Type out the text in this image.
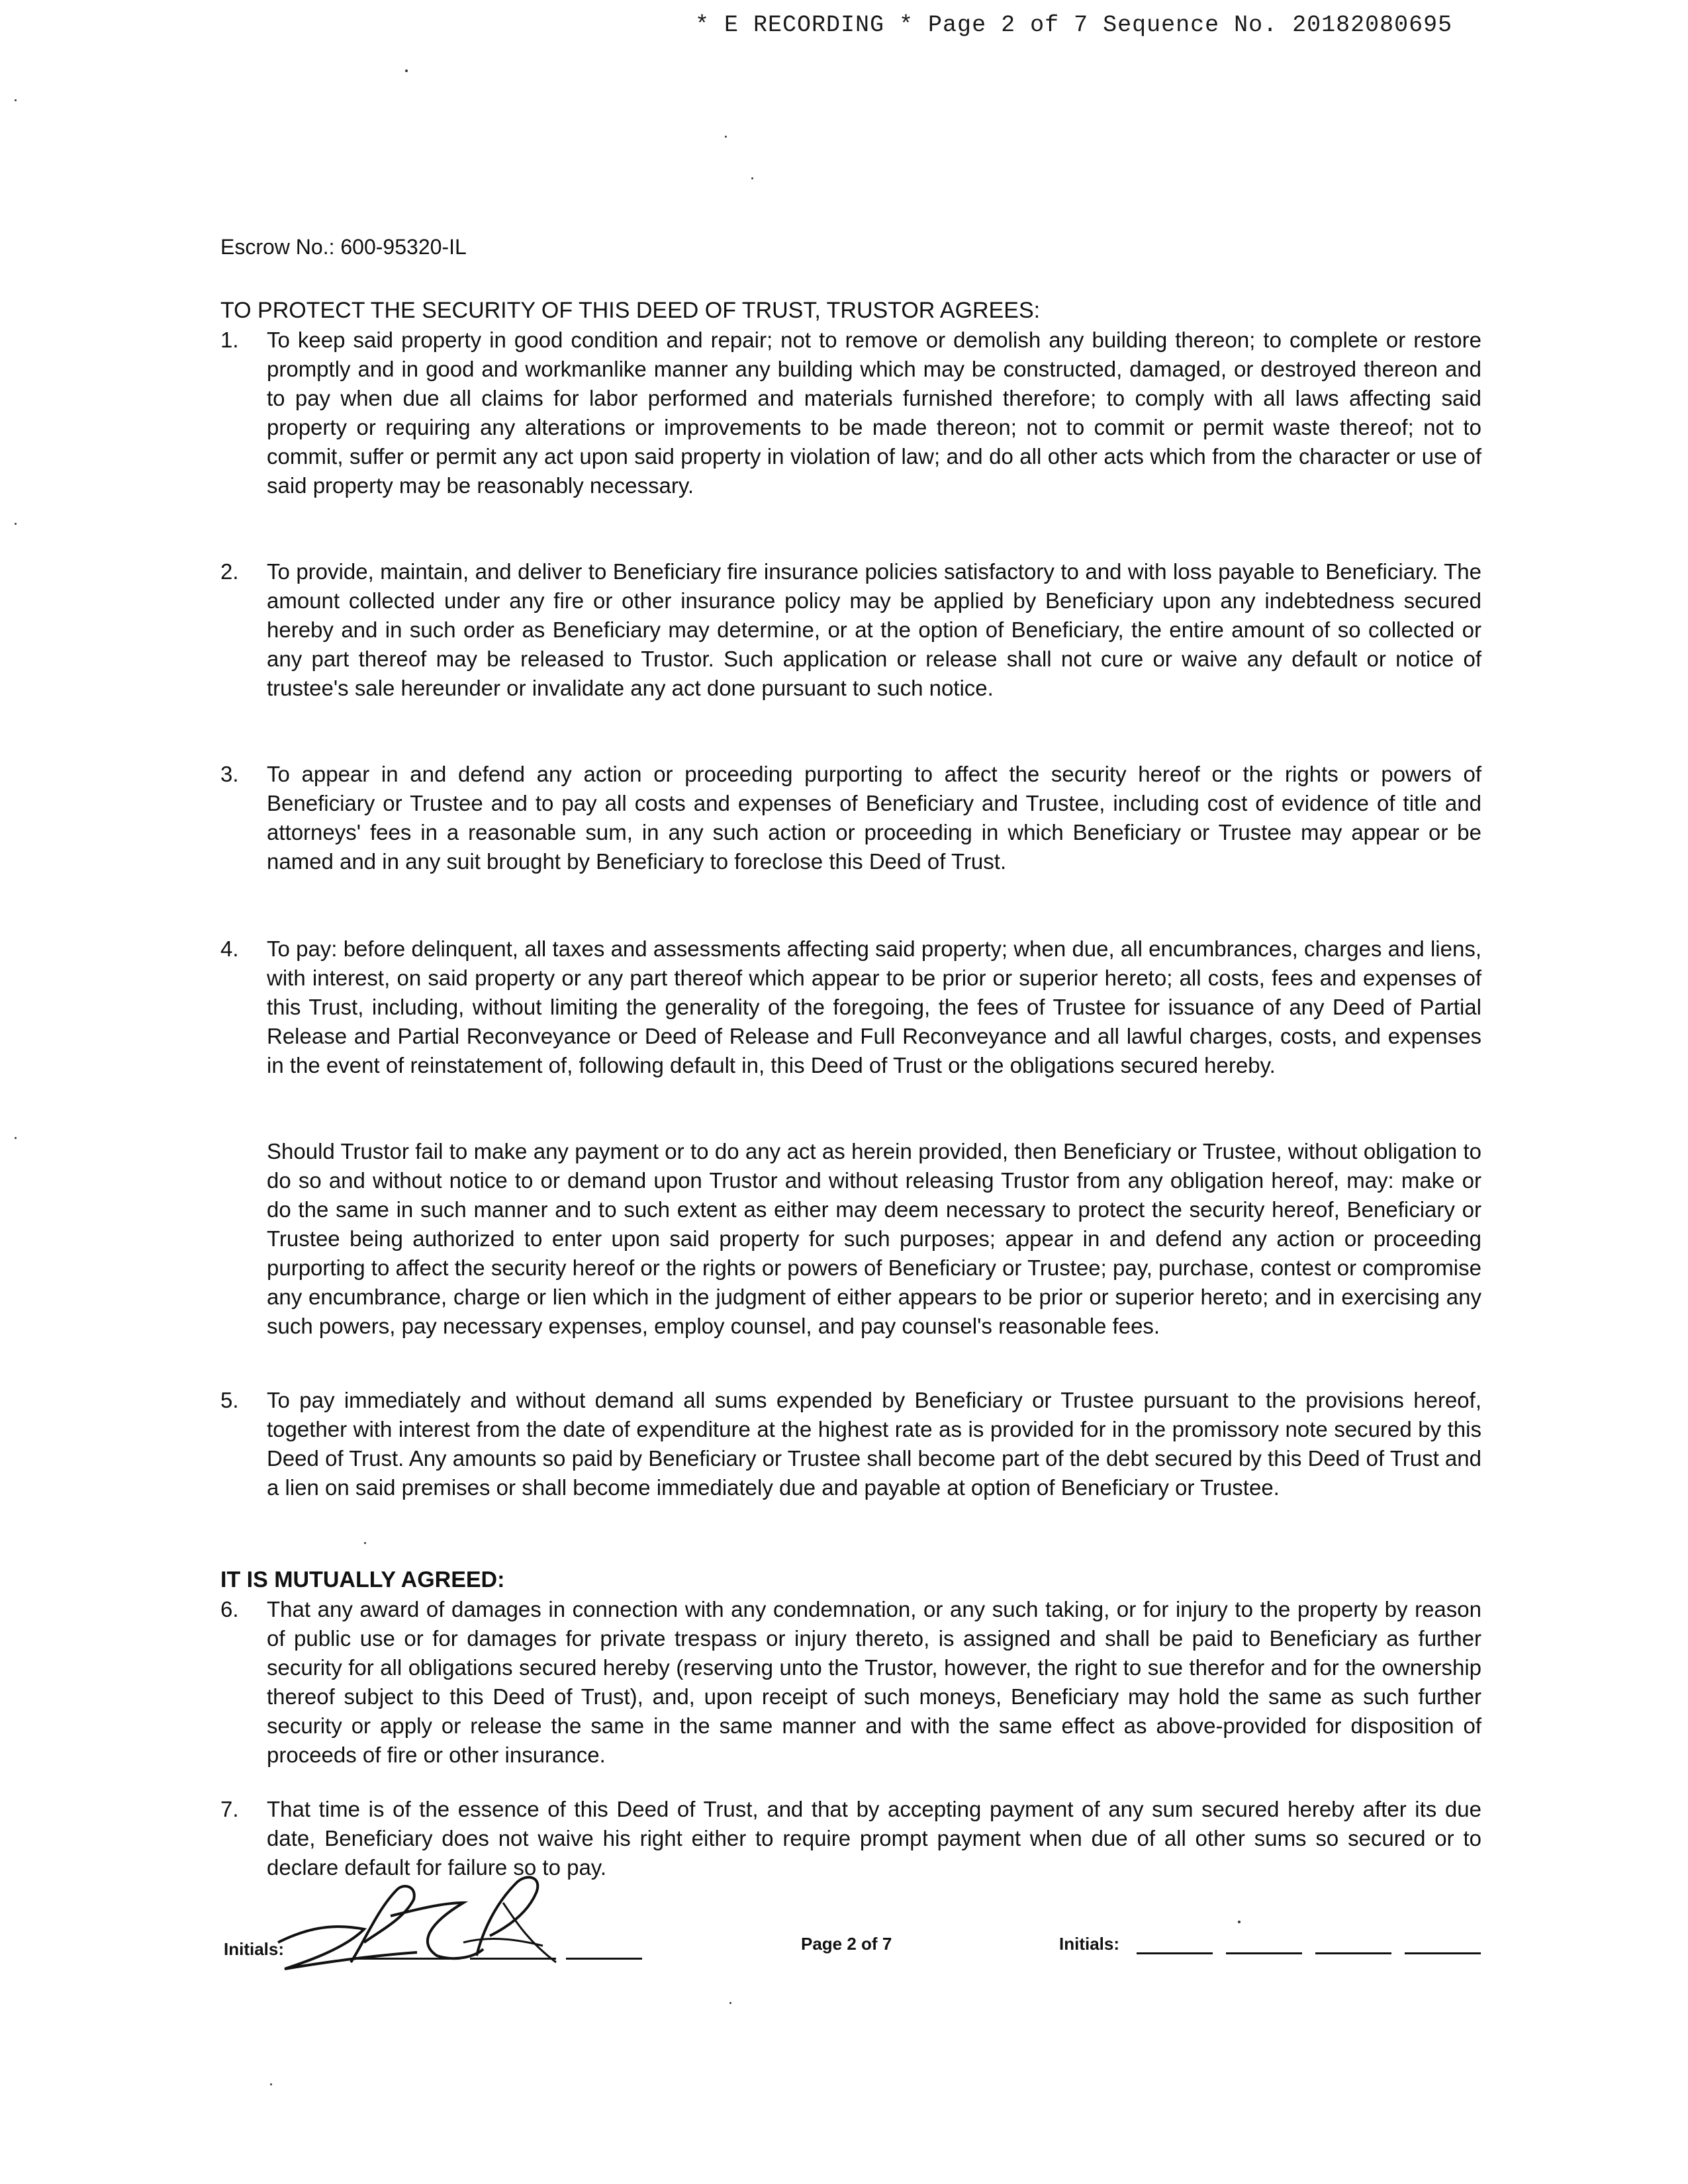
* E RECORDING * Page 2 of 7 Sequence No. 20182080695
Escrow No.: 600-95320-IL
TO PROTECT THE SECURITY OF THIS DEED OF TRUST, TRUSTOR AGREES:
1.	To keep said property in good condition and repair; not to remove or demolish any building thereon; to complete or restore promptly and in good and workmanlike manner any building which may be constructed, damaged, or destroyed thereon and to pay when due all claims for labor performed and materials furnished therefore; to comply with all laws affecting said property or requiring any alterations or improvements to be made thereon; not to commit or permit waste thereof; not to commit, suffer or permit any act upon said property in violation of law; and do all other acts which from the character or use of said property may be reasonably necessary.
2.	To provide, maintain, and deliver to Beneficiary fire insurance policies satisfactory to and with loss payable to Beneficiary. The amount collected under any fire or other insurance policy may be applied by Beneficiary upon any indebtedness secured hereby and in such order as Beneficiary may determine, or at the option of Beneficiary, the entire amount of so collected or any part thereof may be released to Trustor. Such application or release shall not cure or waive any default or notice of trustee's sale hereunder or invalidate any act done pursuant to such notice.
3.	To appear in and defend any action or proceeding purporting to affect the security hereof or the rights or powers of Beneficiary or Trustee and to pay all costs and expenses of Beneficiary and Trustee, including cost of evidence of title and attorneys' fees in a reasonable sum, in any such action or proceeding in which Beneficiary or Trustee may appear or be named and in any suit brought by Beneficiary to foreclose this Deed of Trust.
4.	To pay: before delinquent, all taxes and assessments affecting said property; when due, all encumbrances, charges and liens, with interest, on said property or any part thereof which appear to be prior or superior hereto; all costs, fees and expenses of this Trust, including, without limiting the generality of the foregoing, the fees of Trustee for issuance of any Deed of Partial Release and Partial Reconveyance or Deed of Release and Full Reconveyance and all lawful charges, costs, and expenses in the event of reinstatement of, following default in, this Deed of Trust or the obligations secured hereby.
Should Trustor fail to make any payment or to do any act as herein provided, then Beneficiary or Trustee, without obligation to do so and without notice to or demand upon Trustor and without releasing Trustor from any obligation hereof, may: make or do the same in such manner and to such extent as either may deem necessary to protect the security hereof, Beneficiary or Trustee being authorized to enter upon said property for such purposes; appear in and defend any action or proceeding purporting to affect the security hereof or the rights or powers of Beneficiary or Trustee; pay, purchase, contest or compromise any encumbrance, charge or lien which in the judgment of either appears to be prior or superior hereto; and in exercising any such powers, pay necessary expenses, employ counsel, and pay counsel's reasonable fees.
5.	To pay immediately and without demand all sums expended by Beneficiary or Trustee pursuant to the provisions hereof, together with interest from the date of expenditure at the highest rate as is provided for in the promissory note secured by this Deed of Trust. Any amounts so paid by Beneficiary or Trustee shall become part of the debt secured by this Deed of Trust and a lien on said premises or shall become immediately due and payable at option of Beneficiary or Trustee.
IT IS MUTUALLY AGREED:
6.	That any award of damages in connection with any condemnation, or any such taking, or for injury to the property by reason of public use or for damages for private trespass or injury thereto, is assigned and shall be paid to Beneficiary as further security for all obligations secured hereby (reserving unto the Trustor, however, the right to sue therefor and for the ownership thereof subject to this Deed of Trust), and, upon receipt of such moneys, Beneficiary may hold the same as such further security or apply or release the same in the same manner and with the same effect as above-provided for disposition of proceeds of fire or other insurance.
7.	That time is of the essence of this Deed of Trust, and that by accepting payment of any sum secured hereby after its due date, Beneficiary does not waive his right either to require prompt payment when due of all other sums so secured or to declare default for failure so to pay.
Initials:	Page 2 of 7	Initials:
